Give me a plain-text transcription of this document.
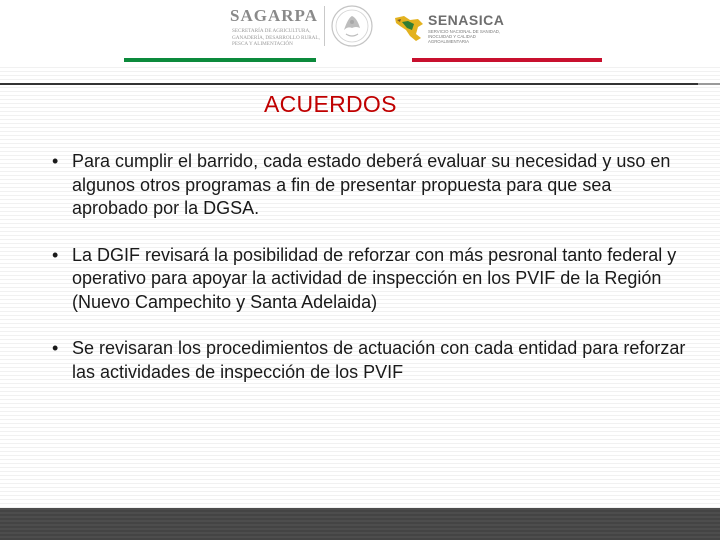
SAGARPA
SECRETARÍA DE AGRICULTURA, GANADERÍA, DESARROLLO RURAL, PESCA Y ALIMENTACIÓN
SENASICA
SERVICIO NACIONAL DE SANIDAD, INOCUIDAD Y CALIDAD AGROALIMENTARIA
ACUERDOS
• Para cumplir el barrido, cada estado deberá evaluar su necesidad y uso en algunos otros programas a fin de presentar propuesta para que sea aprobado por la DGSA.
• La DGIF revisará la posibilidad de reforzar con más pesronal tanto federal y operativo para apoyar la actividad de inspección en los PVIF de la Región (Nuevo Campechito y Santa Adelaida)
• Se revisaran los procedimientos de actuación con cada entidad para reforzar las actividades de inspección de los PVIF
